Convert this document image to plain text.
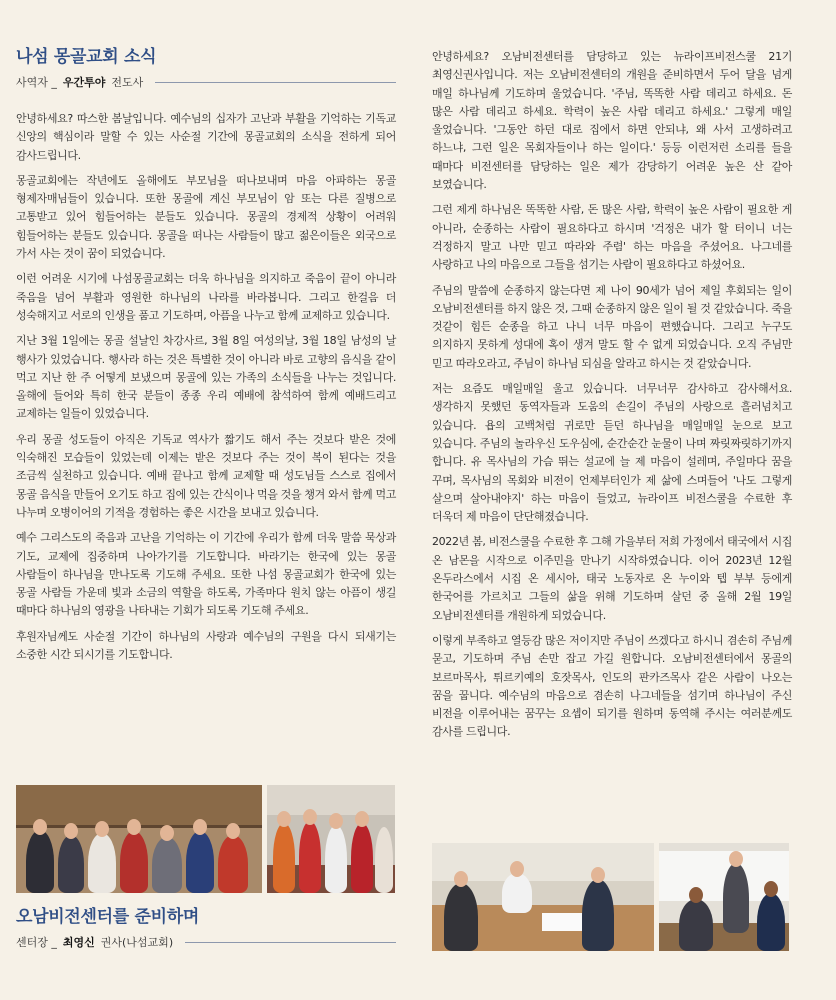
나섬 몽골교회 소식
사역자 _ 우간투야 전도사

안녕하세요? 따스한 봄날입니다. 예수님의 십자가 고난과 부활을 기억하는 기독교 신앙의 핵심이라 말할 수 있는 사순절 기간에 몽골교회의 소식을 전하게 되어 감사드립니다.

몽골교회에는 작년에도 올해에도 부모님을 떠나보내며 마음 아파하는 몽골 형제자매님들이 있습니다. 또한 몽골에 계신 부모님이 암 또는 다른 질병으로 고통받고 있어 힘들어하는 분들도 있습니다. 몽골의 경제적 상황이 어려워 힘들어하는 분들도 있습니다. 몽골을 떠나는 사람들이 많고 젊은이들은 외국으로 가서 사는 것이 꿈이 되었습니다.

이런 어려운 시기에 나섬몽골교회는 더욱 하나님을 의지하고 죽음이 끝이 아니라 죽음을 넘어 부활과 영원한 하나님의 나라를 바라봅니다. 그리고 한걸음 더 성숙해지고 서로의 인생을 품고 기도하며, 아픔을 나누고 함께 교제하고 있습니다.

지난 3월 1일에는 몽골 설날인 차강사르, 3월 8일 여성의날, 3월 18일 남성의 날 행사가 있었습니다. 행사라 하는 것은 특별한 것이 아니라 바로 고향의 음식을 같이 먹고 지난 한 주 어떻게 보냈으며 몽골에 있는 가족의 소식들을 나누는 것입니다. 올해에 들어와 특히 한국 분들이 종종 우리 예배에 참석하여 함께 예배드리고 교제하는 일들이 있었습니다.

우리 몽골 성도들이 아직은 기독교 역사가 짧기도 해서 주는 것보다 받은 것에 익숙해진 모습들이 있었는데 이제는 받은 것보다 주는 것이 복이 된다는 것을 조금씩 실천하고 있습니다. 예배 끝나고 함께 교제할 때 성도님들 스스로 집에서 몽골 음식을 만들어 오기도 하고 집에 있는 간식이나 먹을 것을 챙겨 와서 함께 먹고 나누며 오병이어의 기적을 경험하는 좋은 시간을 보내고 있습니다.

예수 그리스도의 죽음과 고난을 기억하는 이 기간에 우리가 함께 더욱 말씀 묵상과 기도, 교제에 집중하며 나아가기를 기도합니다. 바라기는 한국에 있는 몽골 사람들이 하나님을 만나도록 기도해 주세요. 또한 나섬 몽골교회가 한국에 있는 몽골 사람들 가운데 빛과 소금의 역할을 하도록, 가족마다 원치 않는 아픔이 생길 때마다 하나님의 영광을 나타내는 기회가 되도록 기도해 주세요.

후원자님께도 사순절 기간이 하나님의 사랑과 예수님의 구원을 다시 되새기는 소중한 시간 되시기를 기도합니다.

오남비전센터를 준비하며
센터장 _ 최영신 권사(나섬교회)

안녕하세요? 오남비전센터를 담당하고 있는 뉴라이프비전스쿨 21기 최영신권사입니다. 저는 오남비전센터의 개원을 준비하면서 두어 달을 넘게 매일 하나님께 기도하며 울었습니다. '주님, 똑똑한 사람 데리고 하세요. 돈 많은 사람 데리고 하세요. 학력이 높은 사람 데리고 하세요.' 그렇게 매일 울었습니다. '그동안 하던 대로 집에서 하면 안되냐, 왜 사서 고생하려고 하느냐, 그런 일은 목회자들이나 하는 일이다.' 등등 이런저런 소리를 들을 때마다 비전센터를 담당하는 일은 제가 감당하기 어려운 높은 산 같아 보였습니다.

그런 제게 하나님은 똑똑한 사람, 돈 많은 사람, 학력이 높은 사람이 필요한 게 아니라, 순종하는 사람이 필요하다고 하시며 '걱정은 내가 할 터이니 너는 걱정하지 말고 나만 믿고 따라와 주렴' 하는 마음을 주셨어요. 나그네를 사랑하고 나의 마음으로 그들을 섬기는 사람이 필요하다고 하셨어요.

주님의 말씀에 순종하지 않는다면 제 나이 90세가 넘어 제일 후회되는 일이 오남비전센터를 하지 않은 것, 그때 순종하지 않은 일이 될 것 같았습니다. 죽을 것같이 힘든 순종을 하고 나니 너무 마음이 편했습니다. 그리고 누구도 의지하지 못하게 성대에 혹이 생겨 말도 할 수 없게 되었습니다. 오직 주님만 믿고 따라오라고, 주님이 하나님 되심을 알라고 하시는 것 같았습니다.

저는 요즘도 매일매일 울고 있습니다. 너무너무 감사하고 감사해서요. 생각하지 못했던 동역자들과 도움의 손길이 주님의 사랑으로 흘러넘치고 있습니다. 욥의 고백처럼 귀로만 듣던 하나님을 매일매일 눈으로 보고 있습니다. 주님의 놀라우신 도우심에, 순간순간 눈물이 나며 짜릿짜릿하기까지 합니다. 유 목사님의 가슴 뛰는 설교에 늘 제 마음이 설레며, 주일마다 꿈을 꾸며, 목사님의 목회와 비전이 언제부터인가 제 삶에 스며들어 '나도 그렇게 살으며 살아내야지' 하는 마음이 들었고, 뉴라이프 비전스쿨을 수료한 후 더욱더 제 마음이 단단해졌습니다.

2022년 봄, 비전스쿨을 수료한 후 그해 가을부터 저희 가정에서 태국에서 시집 온 남몬을 시작으로 이주민을 만나기 시작하였습니다. 이어 2023년 12월 온두라스에서 시집 온 세시아, 태국 노동자로 온 누이와 텝 부부 등에게 한국어를 가르치고 그들의 삶을 위해 기도하며 살던 중 올해 2월 19일 오남비전센터를 개원하게 되었습니다.

이렇게 부족하고 열등감 많은 저이지만 주님이 쓰겠다고 하시니 겸손히 주님께 묻고, 기도하며 주님 손만 잡고 가길 원합니다. 오남비전센터에서 몽골의 보르마목사, 튀르키예의 호잣목사, 인도의 판카즈목사 같은 사람이 나오는 꿈을 꿉니다. 예수님의 마음으로 겸손히 나그네들을 섬기며 하나님이 주신 비전을 이루어내는 꿈꾸는 요셉이 되기를 원하며 동역해 주시는 여러분께도 감사를 드립니다.
